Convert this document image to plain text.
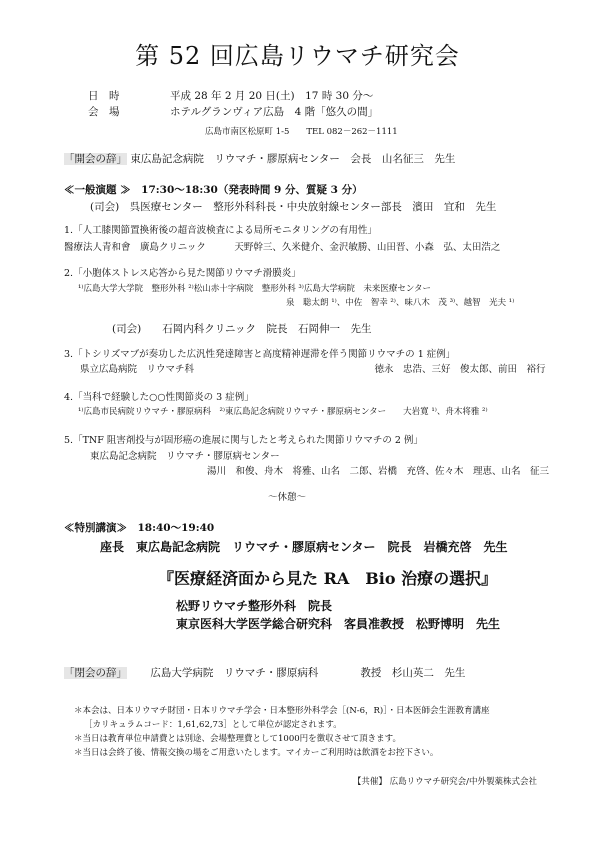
第 52 回広島リウマチ研究会
日　時	平成 28 年 2 月 20 日(土)　17 時 30 分～
会　場	ホテルグランヴィア広島　4 階「悠久の間」
広島市南区松原町 1-5　　TEL 082－262－1111
「開会の辞」 東広島記念病院　リウマチ・膠原病センター　会長　山名征三　先生
≪一般演題 ≫　17:30～18:30（発表時間 9 分、質疑 3 分）
(司会)　呉医療センター　整形外科科長・中央放射線センター部長　濱田　宜和　先生
1.「人工膝関節置換術後の超音波検査による局所モニタリングの有用性」
醫療法人青和會　廣島クリニック　　　天野幹三、久米健介、金沢敏勝、山田晋、小森　弘、太田浩之
2.「小胞体ストレス応答から見た関節リウマチ滑膜炎」
¹⁾広島大学大学院　整形外科 ²⁾松山赤十字病院　整形外科 ³⁾広島大学病院　未来医療センター
泉　聡太朗 ¹⁾、中佐　智幸 ²⁾、味八木　茂 ³⁾、越智　光夫 ¹⁾
(司会)　　石岡内科クリニック　院長　石岡伸一　先生
3.「トシリズマブが奏功した広汎性発達障害と高度精神遅滞を伴う関節リウマチの 1 症例」
県立広島病院　リウマチ科　　　　　　　　　　　　　　　　　　　徳永　忠浩、三好　俊太郎、前田　裕行
4.「当科で経験した○○性関節炎の 3 症例」
¹⁾広島市民病院リウマチ・膠原病科　²⁾東広島記念病院リウマチ・膠原病センター　　大岩寛 ¹⁾、舟木将雅 ²⁾
5.「TNF 阻害剤投与が固形癌の進展に関与したと考えられた関節リウマチの 2 例」
東広島記念病院　リウマチ・膠原病センター
湯川　和俊、舟木　将雅、山名　二郎、岩橋　充啓、佐々木　理恵、山名　征三
～休憩～
≪特別講演≫　18:40～19:40
座長　東広島記念病院　リウマチ・膠原病センター　院長　岩橋充啓　先生
『医療経済面から見た RA　Bio 治療の選択』
松野リウマチ整形外科　院長
東京医科大学医学総合研究科　客員准教授　松野博明　先生
「閉会の辞」 広島大学病院　リウマチ・膠原病科　　　　教授　杉山英二　先生
＊本会は、日本リウマチ財団・日本リウマチ学会・日本整形外科学会［(N-6，R)］・日本医師会生涯教育講座
［カリキュラムコード：1,61,62,73］として単位が認定されます。
＊当日は教育単位申請費とは別途、会場整理費として1000円を徴収させて頂きます。
＊当日は会終了後、情報交換の場をご用意いたします。マイカーご利用時は飲酒をお控下さい。
【共催】 広島リウマチ研究会/中外製薬株式会社
